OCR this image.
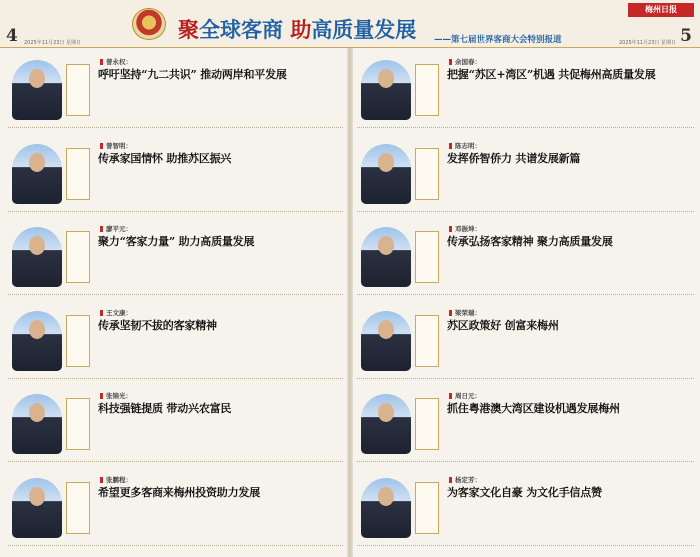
4	聚全球客商 助高质量发展 ——第七届世界客商大会特别报道
梅州日报
2025年11月23日 星期日	2025年11月23日 星期日 5
曾永权：
呼吁坚持“九二共识” 推动两岸和平发展
曾智明：
传承家国情怀 助推苏区振兴
廖平元：
聚力“客家力量” 助力高质量发展
王文康：
传承坚韧不拔的客家精神
张锦光：
科技强链提质 带动兴农富民
张鹏程：
希望更多客商来梅州投资助力发展
余国春：
把握“苏区+湾区”机遇 共促梅州高质量发展
陈志明：
发挥侨智侨力 共谱发展新篇
邓振坤：
传承弘扬客家精神 聚力高质量发展
梁荣瑞：
苏区政策好 创富来梅州
周日元：
抓住粤港澳大湾区建设机遇发展梅州
杨定芳：
为客家文化自豪 为文化手信点赞
